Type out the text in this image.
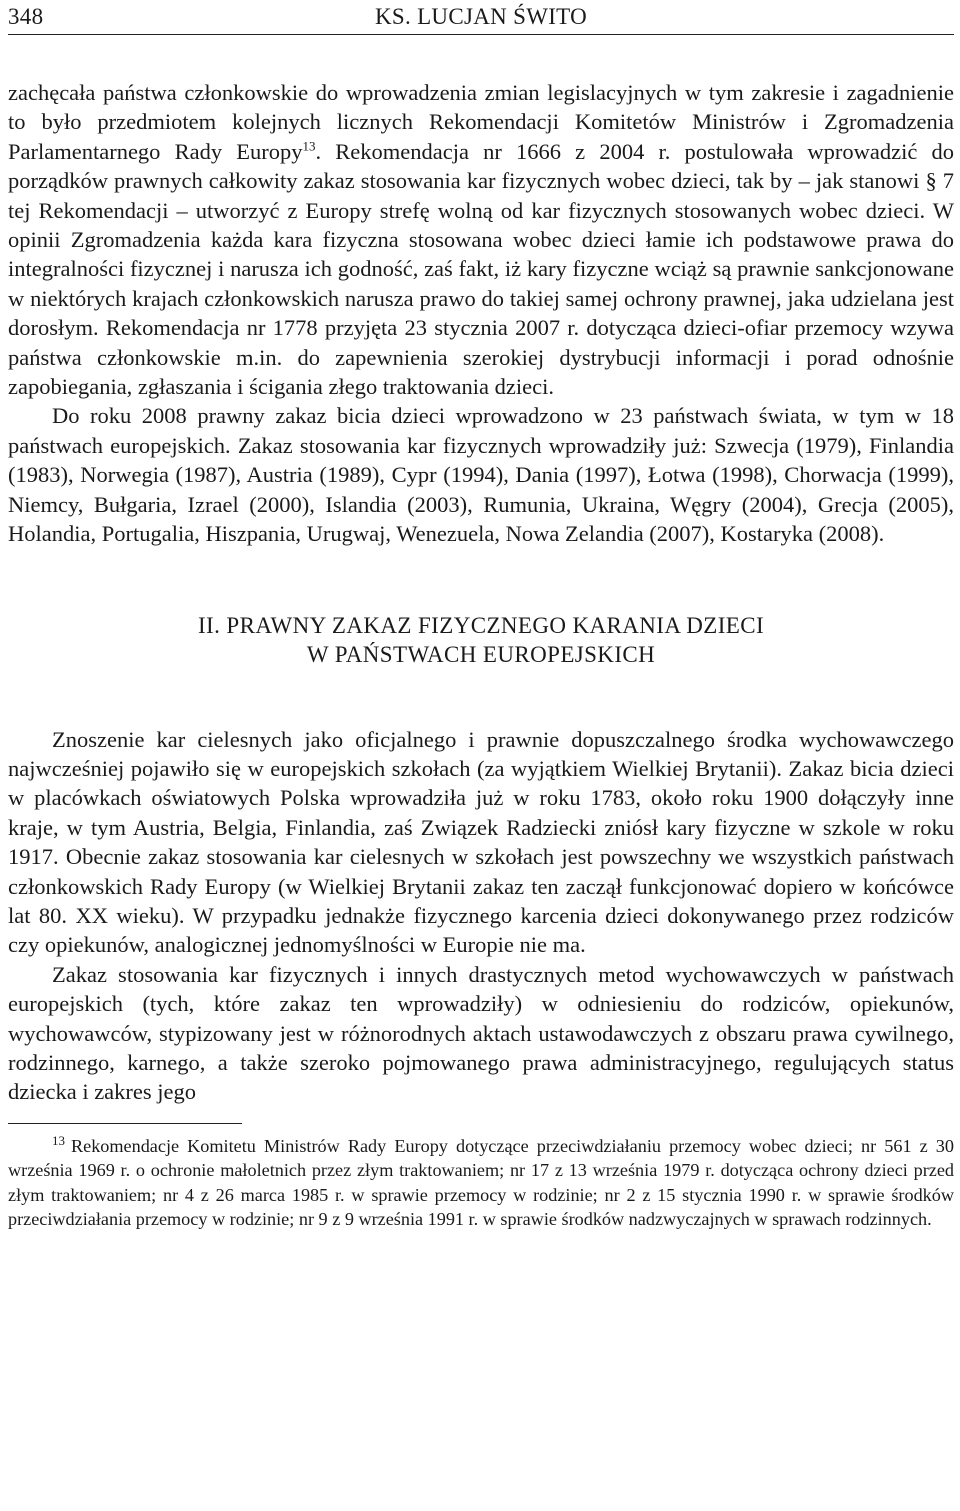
348	KS. LUCJAN ŚWITO

zachęcała państwa członkowskie do wprowadzenia zmian legislacyjnych w tym zakresie i zagadnienie to było przedmiotem kolejnych licznych Rekomendacji Komitetów Ministrów i Zgromadzenia Parlamentarnego Rady Europy$^{13}$. Rekomendacja nr 1666 z 2004 r. postulowała wprowadzić do porządków prawnych całkowity zakaz stosowania kar fizycznych wobec dzieci, tak by – jak stanowi § 7 tej Rekomendacji – utworzyć z Europy strefę wolną od kar fizycznych stosowanych wobec dzieci. W opinii Zgromadzenia każda kara fizyczna stosowana wobec dzieci łamie ich podstawowe prawa do integralności fizycznej i narusza ich godność, zaś fakt, iż kary fizyczne wciąż są prawnie sankcjonowane w niektórych krajach członkowskich narusza prawo do takiej samej ochrony prawnej, jaka udzielana jest dorosłym. Rekomendacja nr 1778 przyjęta 23 stycznia 2007 r. dotycząca dzieci-ofiar przemocy wzywa państwa członkowskie m.in. do zapewnienia szerokiej dystrybucji informacji i porad odnośnie zapobiegania, zgłaszania i ścigania złego traktowania dzieci.

Do roku 2008 prawny zakaz bicia dzieci wprowadzono w 23 państwach świata, w tym w 18 państwach europejskich. Zakaz stosowania kar fizycznych wprowadziły już: Szwecja (1979), Finlandia (1983), Norwegia (1987), Austria (1989), Cypr (1994), Dania (1997), Łotwa (1998), Chorwacja (1999), Niemcy, Bułgaria, Izrael (2000), Islandia (2003), Rumunia, Ukraina, Węgry (2004), Grecja (2005), Holandia, Portugalia, Hiszpania, Urugwaj, Wenezuela, Nowa Zelandia (2007), Kostaryka (2008).

II. PRAWNY ZAKAZ FIZYCZNEGO KARANIA DZIECI
W PAŃSTWACH EUROPEJSKICH

Znoszenie kar cielesnych jako oficjalnego i prawnie dopuszczalnego środka wychowawczego najwcześniej pojawiło się w europejskich szkołach (za wyjątkiem Wielkiej Brytanii). Zakaz bicia dzieci w placówkach oświatowych Polska wprowadziła już w roku 1783, około roku 1900 dołączyły inne kraje, w tym Austria, Belgia, Finlandia, zaś Związek Radziecki zniósł kary fizyczne w szkole w roku 1917. Obecnie zakaz stosowania kar cielesnych w szkołach jest powszechny we wszystkich państwach członkowskich Rady Europy (w Wielkiej Brytanii zakaz ten zaczął funkcjonować dopiero w końcówce lat 80. XX wieku). W przypadku jednakże fizycznego karcenia dzieci dokonywanego przez rodziców czy opiekunów, analogicznej jednomyślności w Europie nie ma.

Zakaz stosowania kar fizycznych i innych drastycznych metod wychowawczych w państwach europejskich (tych, które zakaz ten wprowadziły) w odniesieniu do rodziców, opiekunów, wychowawców, stypizowany jest w różnorodnych aktach ustawodawczych z obszaru prawa cywilnego, rodzinnego, karnego, a także szeroko pojmowanego prawa administracyjnego, regulujących status dziecka i zakres jego

$^{13}$ Rekomendacje Komitetu Ministrów Rady Europy dotyczące przeciwdziałaniu przemocy wobec dzieci; nr 561 z 30 września 1969 r. o ochronie małoletnich przez złym traktowaniem; nr 17 z 13 września 1979 r. dotycząca ochrony dzieci przed złym traktowaniem; nr 4 z 26 marca 1985 r. w sprawie przemocy w rodzinie; nr 2 z 15 stycznia 1990 r. w sprawie środków przeciwdziałania przemocy w rodzinie; nr 9 z 9 września 1991 r. w sprawie środków nadzwyczajnych w sprawach rodzinnych.
